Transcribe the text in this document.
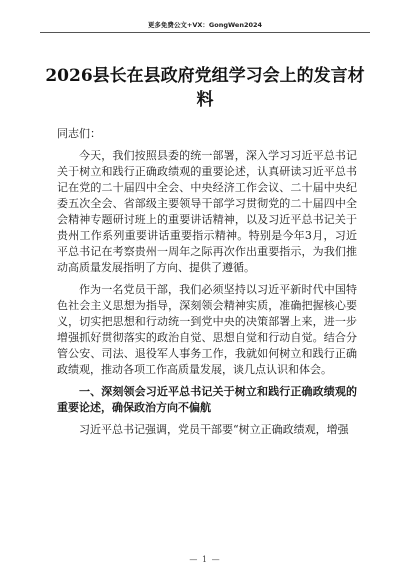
更多免费公文+VX：GongWen2024
2026县长在县政府党组学习会上的发言材料

同志们：

今天，我们按照县委的统一部署，深入学习习近平总书记关于树立和践行正确政绩观的重要论述，认真研读习近平总书记在党的二十届四中全会、中央经济工作会议、二十届中央纪委五次全会、省部级主要领导干部学习贯彻党的二十届四中全会精神专题研讨班上的重要讲话精神，以及习近平总书记关于贵州工作系列重要讲话重要指示精神。特别是今年3月，习近平总书记在考察贵州一周年之际再次作出重要指示，为我们推动高质量发展指明了方向、提供了遵循。

作为一名党员干部，我们必须坚持以习近平新时代中国特色社会主义思想为指导，深刻领会精神实质，准确把握核心要义，切实把思想和行动统一到党中央的决策部署上来，进一步增强抓好贯彻落实的政治自觉、思想自觉和行动自觉。结合分管公安、司法、退役军人事务工作，我就如何树立和践行正确政绩观，推动各项工作高质量发展，谈几点认识和体会。

一、深刻领会习近平总书记关于树立和践行正确政绩观的重要论述，确保政治方向不偏航

习近平总书记强调，党员干部要“树立正确政绩观，增强

— 1 —
